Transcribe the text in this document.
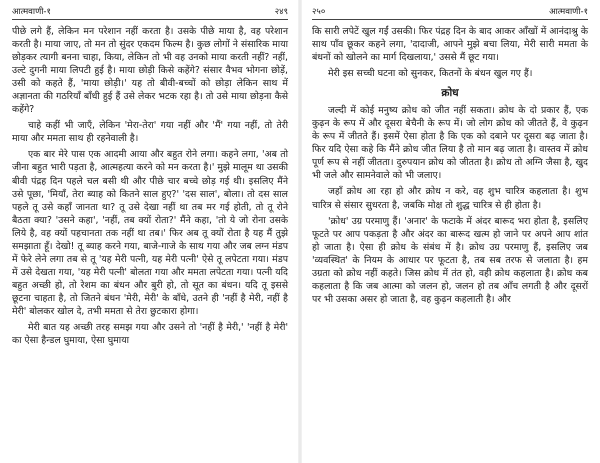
आत्मवाणी-१	२४९

पीछे लगे हैं, लेकिन मन परेशान नहीं करता है। उसके पीछे माया है, वह परेशान करती है। माया जाए, तो मन तो सुंदर एकदम फिल्म है। कुछ लोगों ने संसारिक माया छोड़कर त्यागी बनना चाहा, किया, लेकिन तो भी वह उनको माया करती नहीं? नहीं, उल्टे दुगनी माया लिपटी हुई है। माया छोड़ी किसे कहेंगे? संसार वैभव भोगना छोड़ें, उसी को कहते हैं, 'माया छोड़ी।' यह तो बीवी-बच्चों को छोड़ा लेकिन साथ में अज्ञानता की गठरियाँ बाँधी हुई हैं उसे लेकर भटक रहा है। तो उसे माया छोड़ना कैसे कहेंगे?

चाहे कहीं भी जाएँ, लेकिन 'मेरा-तेरा' गया नहीं और 'मैं' गया नहीं, तो तेरी माया और ममता साथ ही रहनेवाली है।

एक बार मेरे पास एक आदमी आया और बहुत रोने लगा। कहने लगा, 'अब तो जीना बहुत भारी पड़ता है, आत्महत्या करने को मन करता है।' मुझे मालूम था उसकी बीवी पंद्रह दिन पहले चल बसी थी और पीछे चार बच्चे छोड़ गई थी। इसलिए मैंने उसे पूछा, 'मियाँ, तेरा ब्याह को कितने साल हुए?' 'दस साल', बोला। तो दस साल पहले तू उसे कहाँ जानता था? तू उसे देखा नहीं था तब मर गई होती, तो तू रोने बैठता क्या? 'उसने कहा', 'नहीं, तब क्यों रोता?' मैंने कहा, 'तो ये जो रोना उसके लिये है, वह क्यों पहचानता तक नहीं था तब।' फिर अब तू क्यों रोता है यह मैं तुझे समझाता हूँ। देखो! तू ब्याह करने गया, बाजे-गाजे के साथ गया और जब लग्न मंडप में फेरे लेने लगा तब से तू 'यह मेरी पत्नी, यह मेरी पत्नी' ऐसे तू लपेटता गया। मंडप में उसे देखता गया, 'यह मेरी पत्नी' बोलता गया और ममता लपेटता गया। पत्नी यदि बहुत अच्छी हो, तो रेशम का बंधन और बुरी हो, तो सूत का बंधन। यदि तू इससे छूटना चाहता है, तो जितने बंधन 'मेरी, मेरी' के बाँधे, उतने ही 'नहीं है मेरी, नहीं है मेरी' बोलकर खोल दे, तभी ममता से तेरा छुटकारा होगा।

मेरी बात यह अच्छी तरह समझ गया और उसने तो 'नहीं है मेरी,' 'नहीं है मेरी' का ऐसा हैन्डल घुमाया, ऐसा घुमाया

२५०	आत्मवाणी-१

कि सारी लपेटें खुल गईं उसकी। फिर पंद्रह दिन के बाद आकर आँखों में आनंदाश्रु के साथ पाँव छूकर कहने लगा, 'दादाजी, आपने मुझे बचा लिया, मेरी सारी ममता के बंधनों को खोलने का मार्ग दिखलाया,' उससे मैं छूट गया।

मेरी इस सच्ची घटना को सुनकर, कितनों के बंधन खुल गए हैं।

क्रोध

जल्दी में कोई मनुष्य क्रोध को जीत नहीं सकता। क्रोध के दो प्रकार हैं, एक कुढ़न के रूप में और दूसरा बेचैनी के रूप में। जो लोग क्रोध को जीतते हैं, वे कुढ़न के रूप में जीतते हैं। इसमें ऐसा होता है कि एक को दबाने पर दूसरा बढ़ जाता है। फिर यदि ऐसा कहे कि मैंने क्रोध जीत लिया है तो मान बढ़ जाता है। वास्तव में क्रोध पूर्ण रूप से नहीं जीतता। दुरुपयान क्रोध को जीतता है। क्रोध तो अग्नि जैसा है, खुद भी जले और सामनेवाले को भी जलाए।

जहाँ क्रोध आ रहा हो और क्रोध न करे, वह शुभ चारित्र कहलाता है। शुभ चारित्र से संसार सुधरता है, जबकि मोक्ष तो शुद्ध चारित्र से ही होता है।

'क्रोध' उग्र परमाणु हैं। 'अनार' के फटाके में अंदर बारूद भरा होता है, इसलिए फूटते पर आप पकड़ता है और अंदर का बारूद खत्म हो जाने पर अपने आप शांत हो जाता है। ऐसा ही क्रोध के संबंध में है। क्रोध उग्र परमाणु हैं, इसलिए जब 'व्यवस्थित' के नियम के आधार पर फूटता है, तब सब तरफ से जलाता है। हम उग्रता को क्रोध नहीं कहते। जिस क्रोध में तंत हो, वही क्रोध कहलाता है। क्रोध कब कहलाता है कि जब आत्मा को जलन हो, जलन हो तब आँच लगती है और दूसरों पर भी उसका असर हो जाता है, वह कुढ़न कहलाती है। और
